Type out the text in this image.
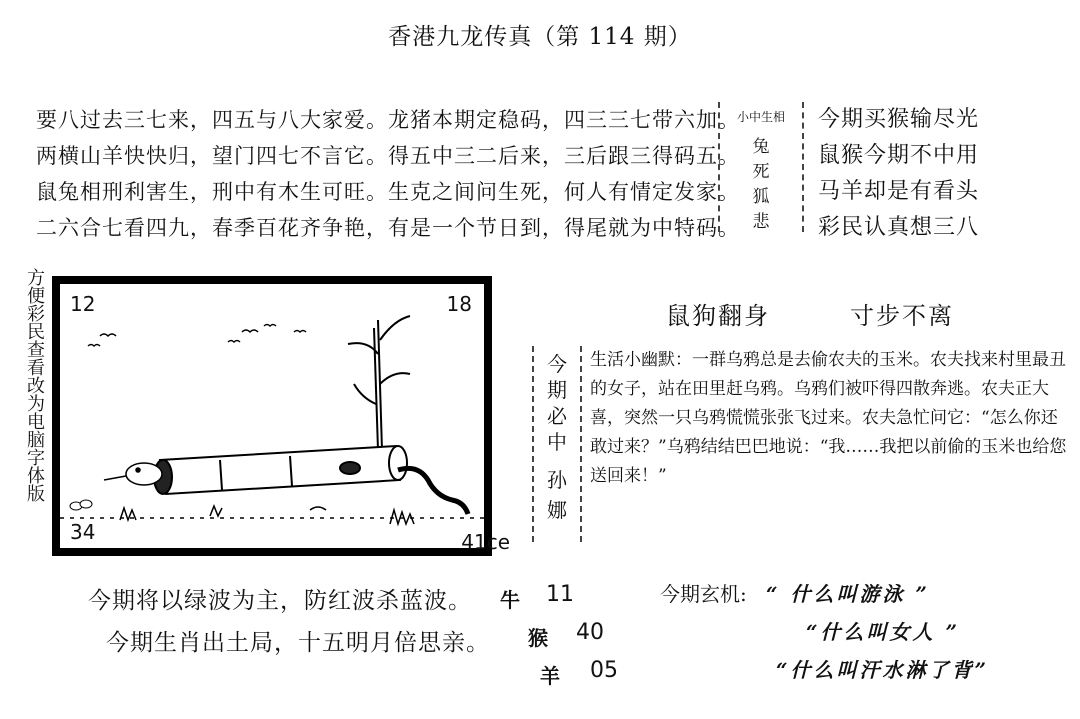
香港九龙传真（第 114 期）
要八过去三七来，四五与八大家爱。龙猪本期定稳码，四三三七带六加。
两横山羊快快归，望门四七不言它。得五中三二后来，三后跟三得码五。
鼠兔相刑利害生，刑中有木生可旺。生克之间问生死，何人有情定发家。
二六合七看四九，春季百花齐争艳，有是一个节日到，得尾就为中特码。
小中生相
兔
死
狐
悲
今期买猴输尽光
鼠猴今期不中用
马羊却是有看头
彩民认真想三八
方便彩民查看改为电脑字体版 12	18
34	41ce
鼠狗翻身	寸步不离
今
期
必
中
孙
娜
生活小幽默：一群乌鸦总是去偷农夫的玉米。农夫找来村里最丑的女子，站在田里赶乌鸦。乌鸦们被吓得四散奔逃。农夫正大喜，突然一只乌鸦慌慌张张飞过来。农夫急忙问它：“怎么你还敢过来？”乌鸦结结巴巴地说：“我……我把以前偷的玉米也给您送回来！”
今期将以绿波为主，防红波杀蓝波。
今期生肖出土局，十五明月倍思亲。
牛 11
猴 40
羊 05
今期玄机: “ 什么叫游泳 ”
“什么叫女人 ”
“什么叫汗水淋了背”
